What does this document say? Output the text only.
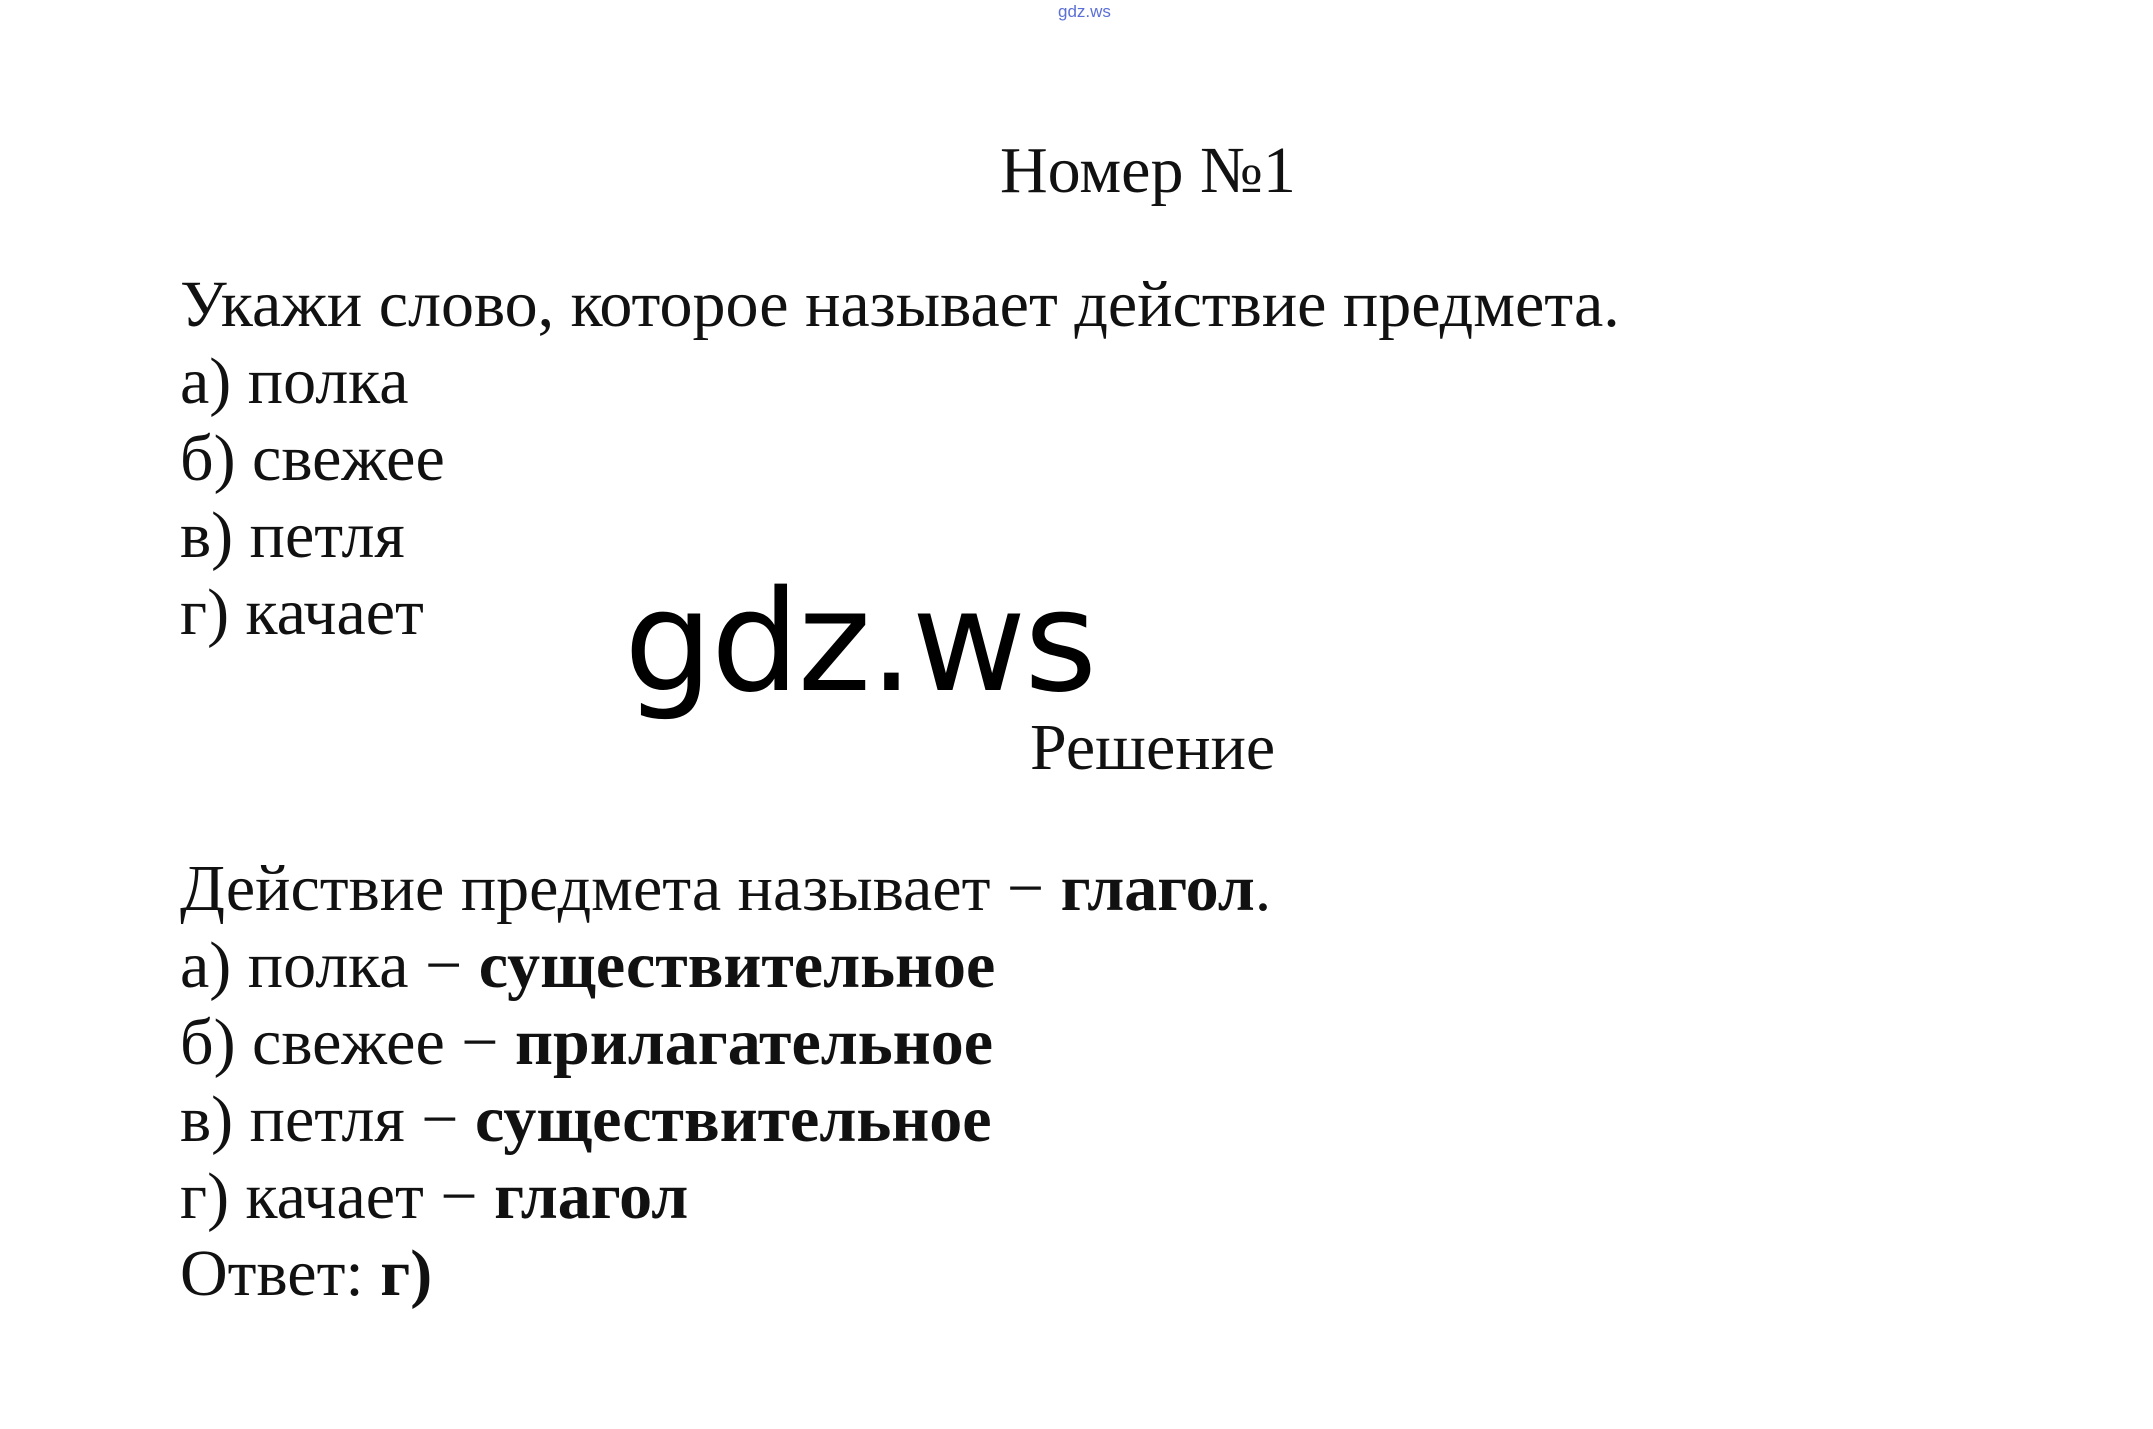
gdz.ws
Номер №1
Укажи слово, которое называет действие предмета.
а) полка
б) свежее
в) петля
г) качает gdz.ws
Решение
Действие предмета называет − глагол.
а) полка − существительное
б) свежее − прилагательное
в) петля − существительное
г) качает − глагол
Ответ: г)
